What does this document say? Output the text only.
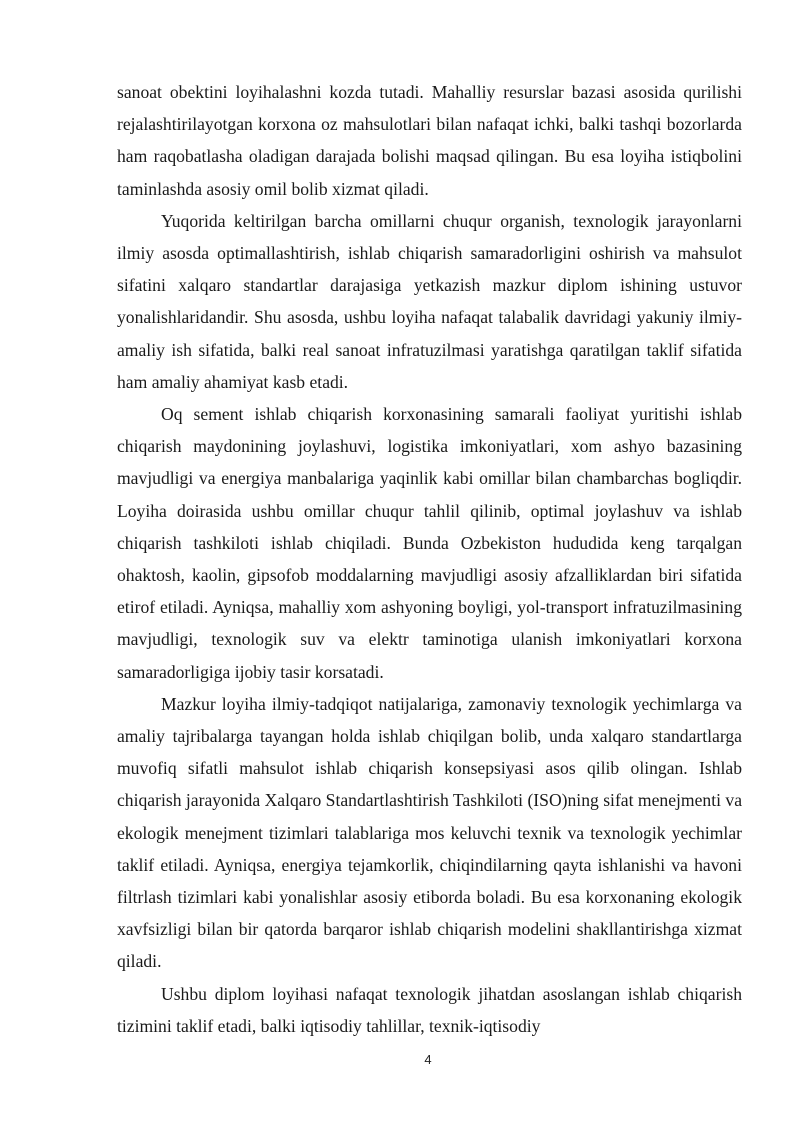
sanoat obektini loyihalashni kozda tutadi. Mahalliy resurslar bazasi asosida qurilishi rejalashtirilayotgan korxona oz mahsulotlari bilan nafaqat ichki, balki tashqi bozorlarda ham raqobatlasha oladigan darajada bolishi maqsad qilingan. Bu esa loyiha istiqbolini taminlashda asosiy omil bolib xizmat qiladi.

Yuqorida keltirilgan barcha omillarni chuqur organish, texnologik jarayonlarni ilmiy asosda optimallashtirish, ishlab chiqarish samaradorligini oshirish va mahsulot sifatini xalqaro standartlar darajasiga yetkazish mazkur diplom ishining ustuvor yonalishlaridandir. Shu asosda, ushbu loyiha nafaqat talabalik davridagi yakuniy ilmiy-amaliy ish sifatida, balki real sanoat infratuzilmasi yaratishga qaratilgan taklif sifatida ham amaliy ahamiyat kasb etadi.

Oq sement ishlab chiqarish korxonasining samarali faoliyat yuritishi ishlab chiqarish maydonining joylashuvi, logistika imkoniyatlari, xom ashyo bazasining mavjudligi va energiya manbalariga yaqinlik kabi omillar bilan chambarchas bogliqdir. Loyiha doirasida ushbu omillar chuqur tahlil qilinib, optimal joylashuv va ishlab chiqarish tashkiloti ishlab chiqiladi. Bunda Ozbekiston hududida keng tarqalgan ohaktosh, kaolin, gipsofob moddalarning mavjudligi asosiy afzalliklardan biri sifatida etirof etiladi. Ayniqsa, mahalliy xom ashyoning boyligi, yol-transport infratuzilmasining mavjudligi, texnologik suv va elektr taminotiga ulanish imkoniyatlari korxona samaradorligiga ijobiy tasir korsatadi.

Mazkur loyiha ilmiy-tadqiqot natijalariga, zamonaviy texnologik yechimlarga va amaliy tajribalarga tayangan holda ishlab chiqilgan bolib, unda xalqaro standartlarga muvofiq sifatli mahsulot ishlab chiqarish konsepsiyasi asos qilib olingan. Ishlab chiqarish jarayonida Xalqaro Standartlashtirish Tashkiloti (ISO)ning sifat menejmenti va ekologik menejment tizimlari talablariga mos keluvchi texnik va texnologik yechimlar taklif etiladi. Ayniqsa, energiya tejamkorlik, chiqindilarning qayta ishlanishi va havoni filtrlash tizimlari kabi yonalishlar asosiy etiborda boladi. Bu esa korxonaning ekologik xavfsizligi bilan bir qatorda barqaror ishlab chiqarish modelini shakllantirishga xizmat qiladi.

Ushbu diplom loyihasi nafaqat texnologik jihatdan asoslangan ishlab chiqarish tizimini taklif etadi, balki iqtisodiy tahlillar, texnik-iqtisodiy

4
